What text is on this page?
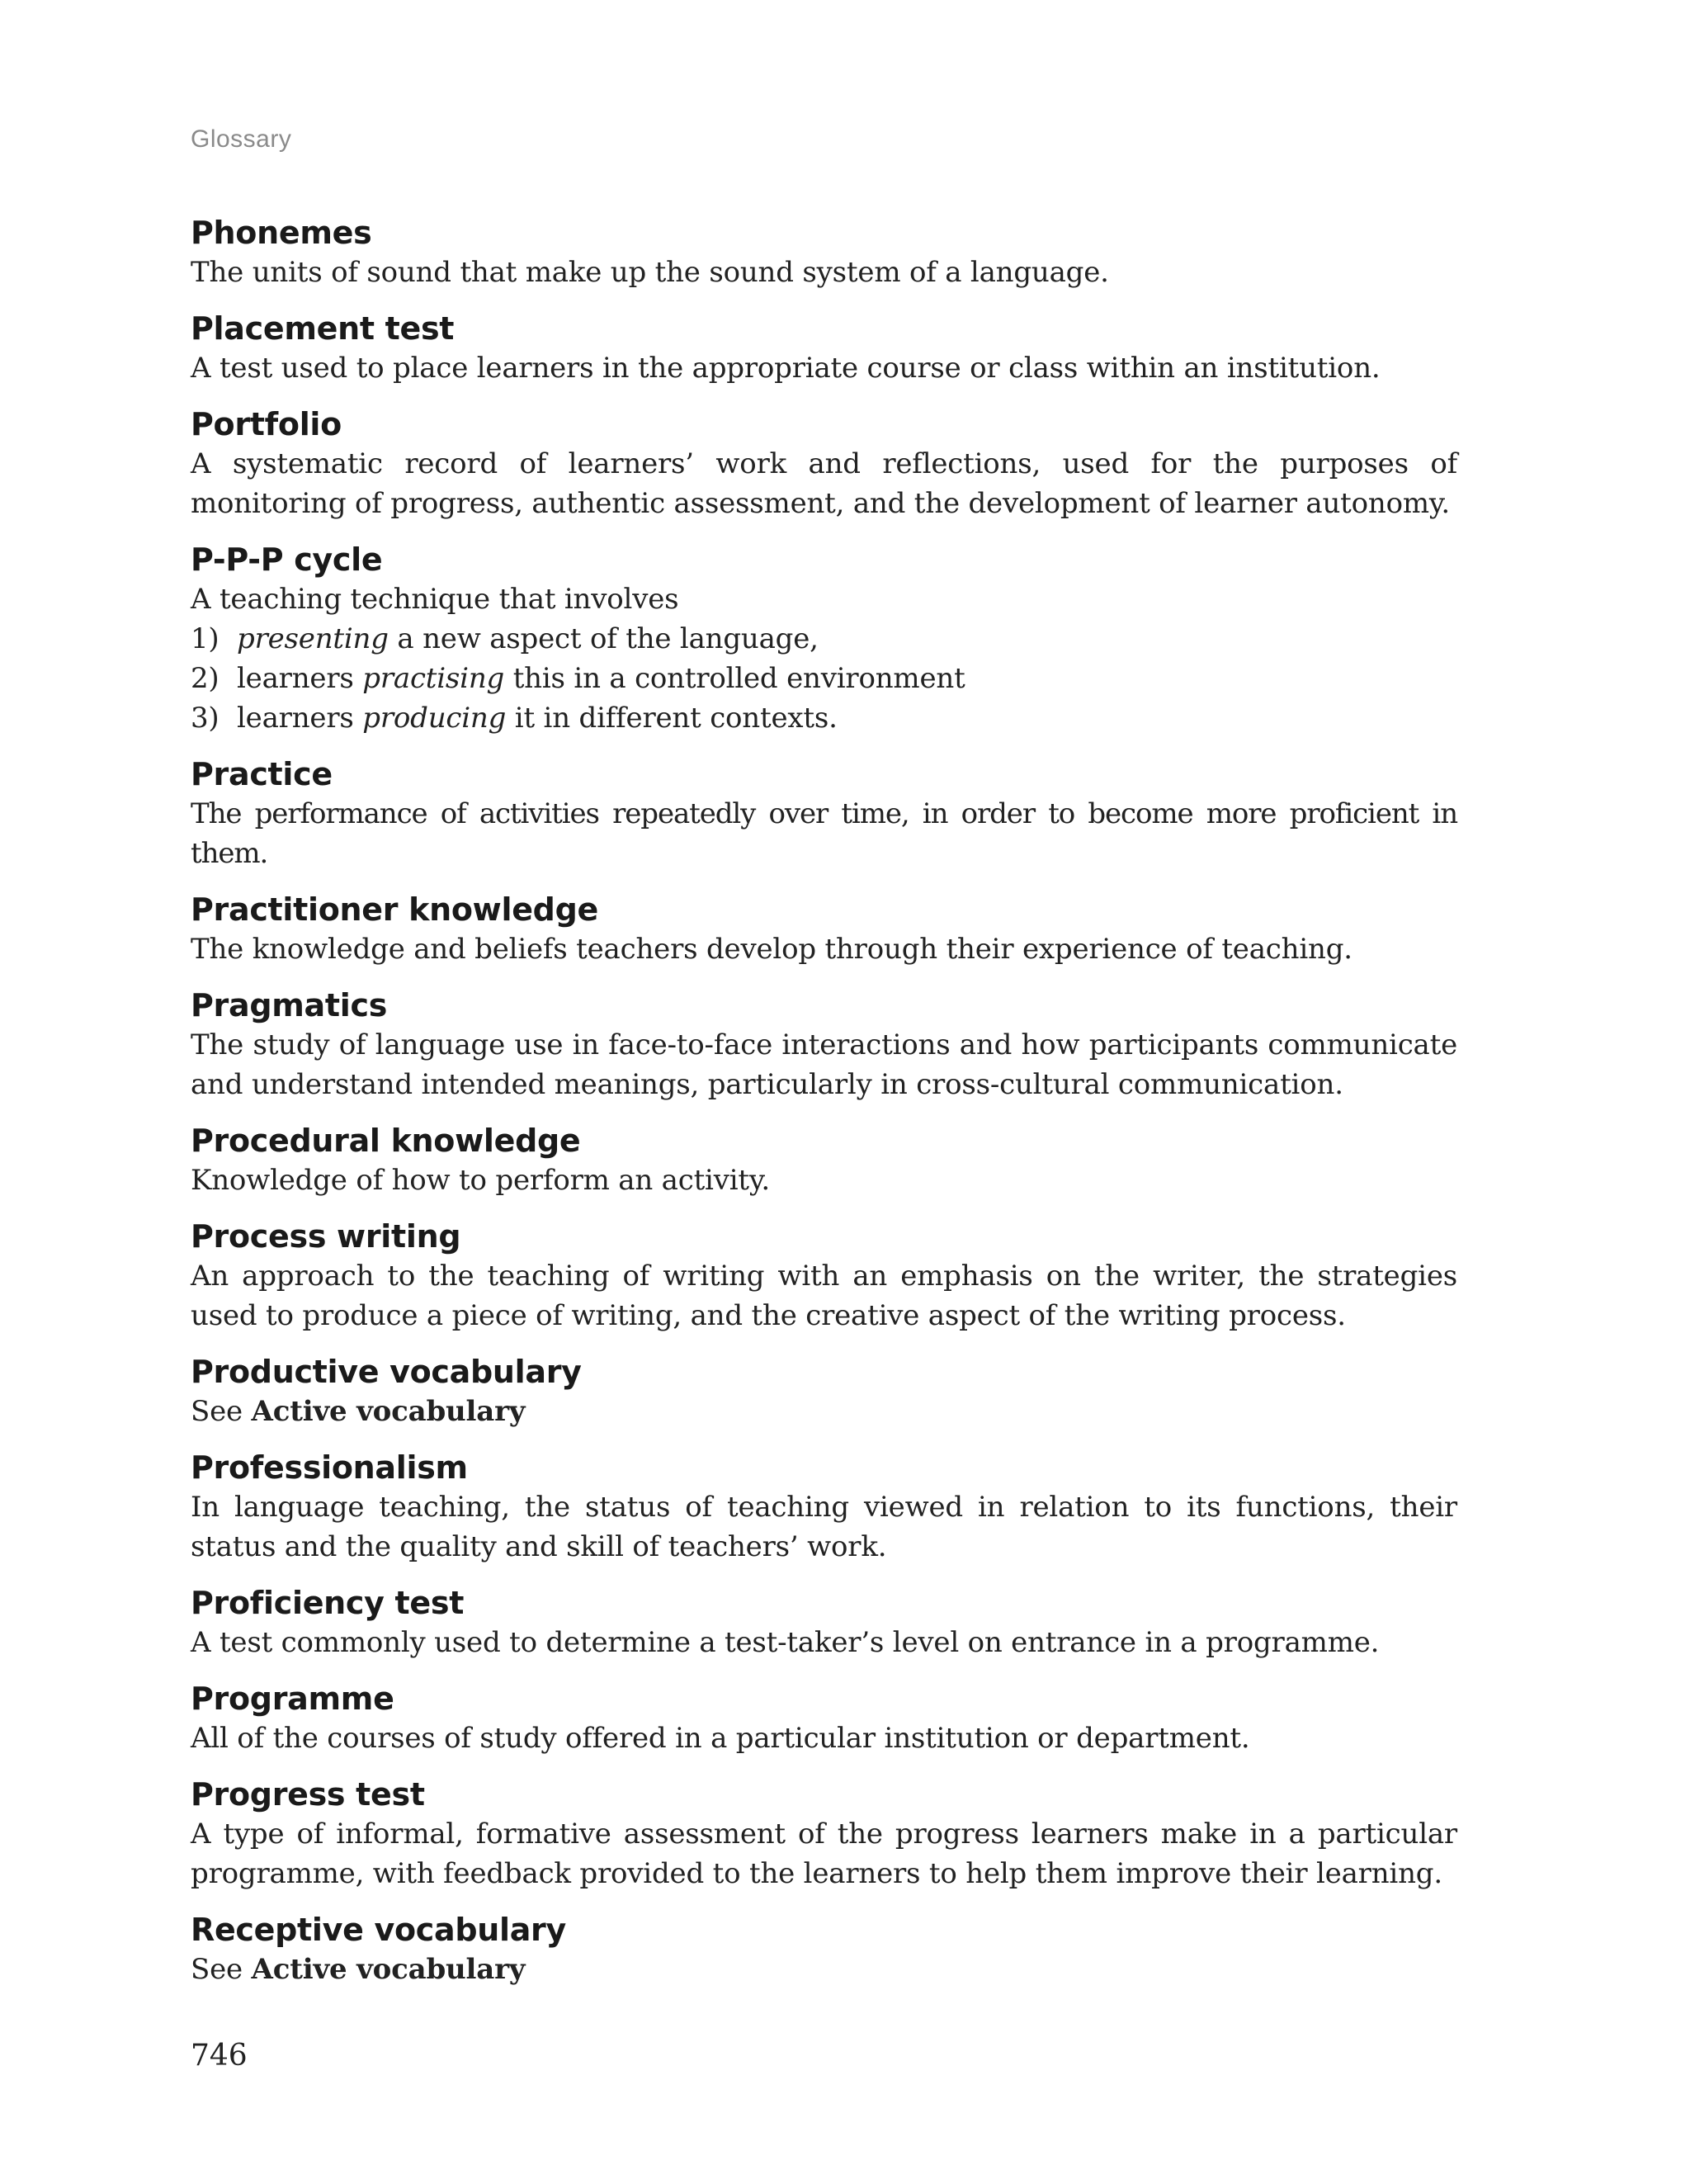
Glossary
Phonemes
The units of sound that make up the sound system of a language.
Placement test
A test used to place learners in the appropriate course or class within an institution.
Portfolio
A systematic record of learners’ work and reflections, used for the purposes of monitoring of progress, authentic assessment, and the development of learner autonomy.
P-P-P cycle
A teaching technique that involves
1) presenting a new aspect of the language,
2) learners practising this in a controlled environment
3) learners producing it in different contexts.
Practice
The performance of activities repeatedly over time, in order to become more proficient in them.
Practitioner knowledge
The knowledge and beliefs teachers develop through their experience of teaching.
Pragmatics
The study of language use in face-to-face interactions and how participants communicate and understand intended meanings, particularly in cross-cultural communication.
Procedural knowledge
Knowledge of how to perform an activity.
Process writing
An approach to the teaching of writing with an emphasis on the writer, the strategies used to produce a piece of writing, and the creative aspect of the writing process.
Productive vocabulary
See Active vocabulary
Professionalism
In language teaching, the status of teaching viewed in relation to its functions, their status and the quality and skill of teachers’ work.
Proficiency test
A test commonly used to determine a test-taker’s level on entrance in a programme.
Programme
All of the courses of study offered in a particular institution or department.
Progress test
A type of informal, formative assessment of the progress learners make in a particular programme, with feedback provided to the learners to help them improve their learning.
Receptive vocabulary
See Active vocabulary
746
